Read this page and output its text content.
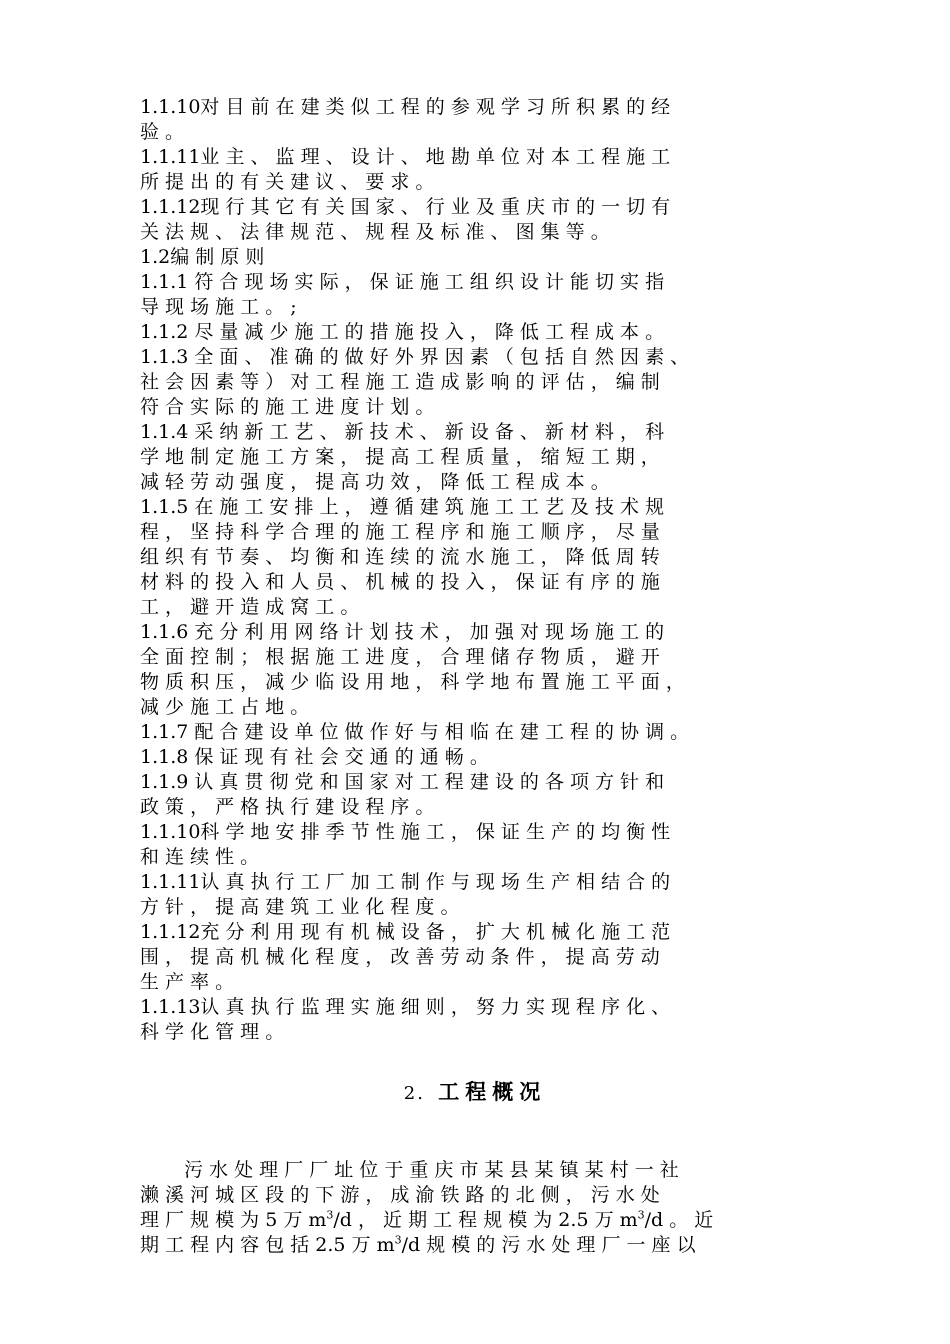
1.1.10对 目 前 在 建 类 似 工 程 的 参 观 学 习 所 积 累 的 经
验 。
1.1.11业 主 、 监 理 、 设 计 、 地 勘 单 位 对 本 工 程 施 工
所 提 出 的 有 关 建 议 、 要 求 。
1.1.12现 行 其 它 有 关 国 家 、 行 业 及 重 庆 市 的 一 切 有
关 法 规 、 法 律 规 范 、 规 程 及 标 准 、 图 集 等 。
1.2编 制 原 则
1.1.1 符 合 现 场 实 际 ， 保 证 施 工 组 织 设 计 能 切 实 指
导 现 场 施 工 。 ;
1.1.2 尽 量 减 少 施 工 的 措 施 投 入 ， 降 低 工 程 成 本 。
1.1.3 全 面 、 准 确 的 做 好 外 界 因 素 （ 包 括 自 然 因 素 、
社 会 因 素 等 ） 对 工 程 施 工 造 成 影 响 的 评 估 ， 编 制
符 合 实 际 的 施 工 进 度 计 划 。
1.1.4 采 纳 新 工 艺 、 新 技 术 、 新 设 备 、 新 材 料 ， 科
学 地 制 定 施 工 方 案 ， 提 高 工 程 质 量 ， 缩 短 工 期 ，
减 轻 劳 动 强 度 ， 提 高 功 效 ， 降 低 工 程 成 本 。
1.1.5 在 施 工 安 排 上 ， 遵 循 建 筑 施 工 工 艺 及 技 术 规
程 ， 坚 持 科 学 合 理 的 施 工 程 序 和 施 工 顺 序 ， 尽 量
组 织 有 节 奏 、 均 衡 和 连 续 的 流 水 施 工 ， 降 低 周 转
材 料 的 投 入 和 人 员 、 机 械 的 投 入 ， 保 证 有 序 的 施
工 ， 避 开 造 成 窝 工 。
1.1.6 充 分 利 用 网 络 计 划 技 术 ， 加 强 对 现 场 施 工 的
全 面 控 制 ； 根 据 施 工 进 度 ， 合 理 储 存 物 质 ， 避 开
物 质 积 压 ， 减 少 临 设 用 地 ， 科 学 地 布 置 施 工 平 面 ，
减 少 施 工 占 地 。
1.1.7 配 合 建 设 单 位 做 作 好 与 相 临 在 建 工 程 的 协 调 。
1.1.8 保 证 现 有 社 会 交 通 的 通 畅 。
1.1.9 认 真 贯 彻 党 和 国 家 对 工 程 建 设 的 各 项 方 针 和
政 策 ， 严 格 执 行 建 设 程 序 。
1.1.10科 学 地 安 排 季 节 性 施 工 ， 保 证 生 产 的 均 衡 性
和 连 续 性 。
1.1.11认 真 执 行 工 厂 加 工 制 作 与 现 场 生 产 相 结 合 的
方 针 ， 提 高 建 筑 工 业 化 程 度 。
1.1.12充 分 利 用 现 有 机 械 设 备 ， 扩 大 机 械 化 施 工 范
围 ， 提 高 机 械 化 程 度 ， 改 善 劳 动 条 件 ， 提 高 劳 动
生 产 率 。
1.1.13认 真 执 行 监 理 实 施 细 则 ， 努 力 实 现 程 序 化 、
科 学 化 管 理 。
2. 工程概况
污 水 处 理 厂 厂 址 位 于 重 庆 市 某 县 某 镇 某 村 一 社
濑 溪 河 城 区 段 的 下 游 ， 成 渝 铁 路 的 北 侧 ， 污 水 处
理 厂 规 模 为 5 万 $m^3/d$ ， 近 期 工 程 规 模 为 2.5 万 $m^3/d$ 。 近
期 工 程 内 容 包 括 2.5 万 $m^3/d$ 规 模 的 污 水 处 理 厂 一 座 以
